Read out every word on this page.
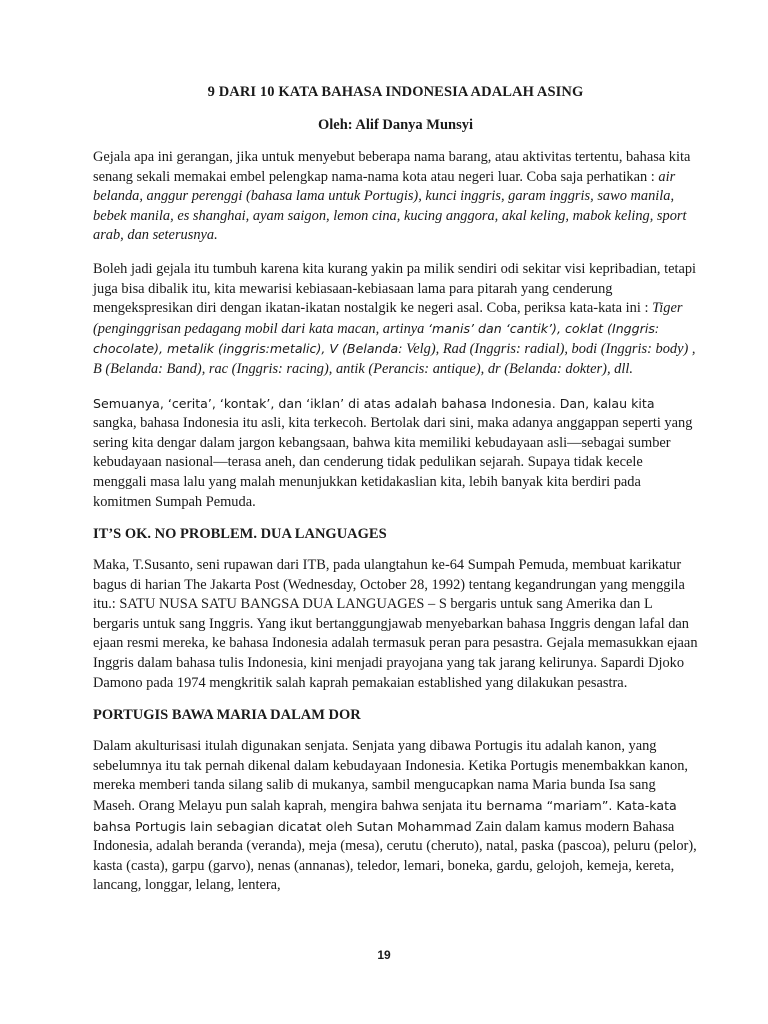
9 DARI 10 KATA BAHASA INDONESIA ADALAH ASING
Oleh: Alif Danya Munsyi

Gejala apa ini gerangan, jika untuk menyebut beberapa nama barang, atau aktivitas tertentu, bahasa kita senang sekali memakai embel pelengkap nama-nama kota atau negeri luar. Coba saja perhatikan : air belanda, anggur perenggi (bahasa lama untuk Portugis), kunci inggris, garam inggris, sawo manila, bebek manila, es shanghai, ayam saigon, lemon cina, kucing anggora, akal keling, mabok keling, sport arab, dan seterusnya.

Boleh jadi gejala itu tumbuh karena kita kurang yakin pa milik sendiri odi sekitar visi kepribadian, tetapi juga bisa dibalik itu, kita mewarisi kebiasaan-kebiasaan lama para pitarah yang cenderung mengekspresikan diri dengan ikatan-ikatan nostalgik ke negeri asal. Coba, periksa kata-kata ini : Tiger (penginggrisan pedagang mobil dari kata macan, artinya ‘manis’ dan ‘cantik’), coklat (Inggris: chocolate), metalik (inggris:metalic), V (Belanda: Velg), Rad (Inggris: radial), bodi (Inggris: body) , B (Belanda: Band), rac (Inggris: racing), antik (Perancis: antique), dr (Belanda: dokter), dll.

Semuanya, ‘cerita’, ‘kontak’, dan ‘iklan’ di atas adalah bahasa Indonesia. Dan, kalau kita sangka, bahasa Indonesia itu asli, kita terkecoh. Bertolak dari sini, maka adanya anggappan seperti yang sering kita dengar dalam jargon kebangsaan, bahwa kita memiliki kebudayaan asli—sebagai sumber kebudayaan nasional—terasa aneh, dan cenderung tidak pedulikan sejarah. Supaya tidak kecele menggali masa lalu yang malah menunjukkan ketidakaslian kita, lebih banyak kita berdiri pada komitmen Sumpah Pemuda.

IT’S OK. NO PROBLEM. DUA LANGUAGES

Maka, T.Susanto, seni rupawan dari ITB, pada ulangtahun ke-64 Sumpah Pemuda, membuat karikatur bagus di harian The Jakarta Post (Wednesday, October 28, 1992) tentang kegandrungan yang menggila itu.: SATU NUSA SATU BANGSA DUA LANGUAGES – S bergaris untuk sang Amerika dan L bergaris untuk sang Inggris. Yang ikut bertanggungjawab menyebarkan bahasa Inggris dengan lafal dan ejaan resmi mereka, ke bahasa Indonesia adalah termasuk peran para pesastra. Gejala memasukkan ejaan Inggris dalam bahasa tulis Indonesia, kini menjadi prayojana yang tak jarang kelirunya. Sapardi Djoko Damono pada 1974 mengkritik salah kaprah pemakaian established yang dilakukan pesastra.

PORTUGIS BAWA MARIA DALAM DOR

Dalam akulturisasi itulah digunakan senjata. Senjata yang dibawa Portugis itu adalah kanon, yang sebelumnya itu tak pernah dikenal dalam kebudayaan Indonesia. Ketika Portugis menembakkan kanon, mereka memberi tanda silang salib di mukanya, sambil mengucapkan nama Maria bunda Isa sang Maseh. Orang Melayu pun salah kaprah, mengira bahwa senjata itu bernama “mariam”. Kata-kata bahsa Portugis lain sebagian dicatat oleh Sutan Mohammad Zain dalam kamus modern Bahasa Indonesia, adalah beranda (veranda), meja (mesa), cerutu (cheruto), natal, paska (pascoa), peluru (pelor), kasta (casta), garpu (garvo), nenas (annanas), teledor, lemari, boneka, gardu, gelojoh, kemeja, kereta, lancang, longgar, lelang, lentera,

19
